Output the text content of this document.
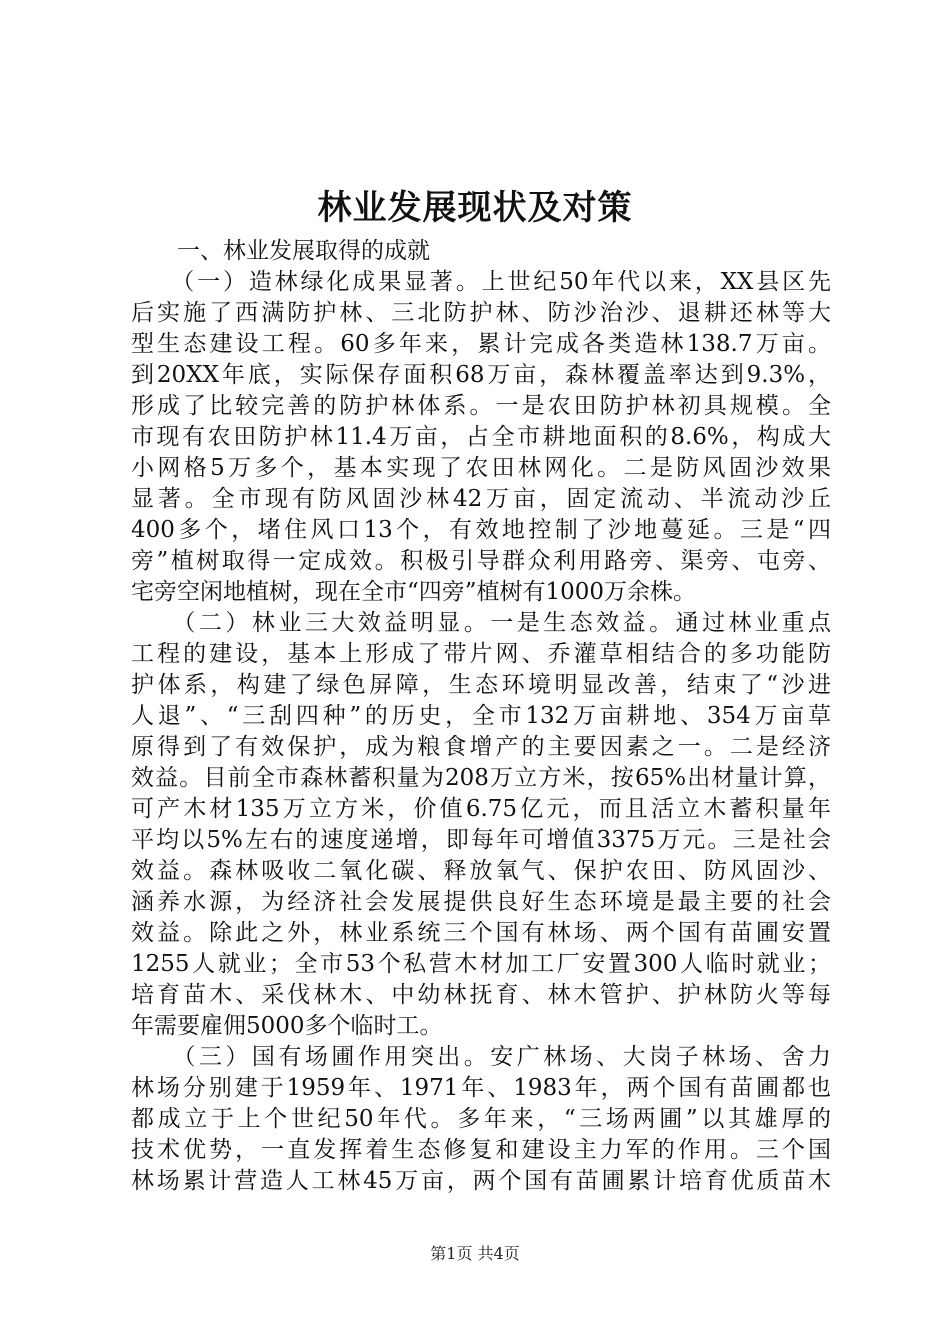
林业发展现状及对策
　　一、林业发展取得的成就
　　（一）造林绿化成果显著。上世纪50年代以来，XX县区先
后实施了西满防护林、三北防护林、防沙治沙、退耕还林等大
型生态建设工程。60多年来，累计完成各类造林138.7万亩。
到20XX年底，实际保存面积68万亩，森林覆盖率达到9.3%，
形成了比较完善的防护林体系。一是农田防护林初具规模。全
市现有农田防护林11.4万亩，占全市耕地面积的8.6%，构成大
小网格5万多个，基本实现了农田林网化。二是防风固沙效果
显著。全市现有防风固沙林42万亩，固定流动、半流动沙丘
400多个，堵住风口13个，有效地控制了沙地蔓延。三是“四
旁”植树取得一定成效。积极引导群众利用路旁、渠旁、屯旁、
宅旁空闲地植树，现在全市“四旁”植树有1000万余株。
　　（二）林业三大效益明显。一是生态效益。通过林业重点
工程的建设，基本上形成了带片网、乔灌草相结合的多功能防
护体系，构建了绿色屏障，生态环境明显改善，结束了“沙进
人退”、“三刮四种”的历史，全市132万亩耕地、354万亩草
原得到了有效保护，成为粮食增产的主要因素之一。二是经济
效益。目前全市森林蓄积量为208万立方米，按65%出材量计算，
可产木材135万立方米，价值6.75亿元，而且活立木蓄积量年
平均以5%左右的速度递增，即每年可增值3375万元。三是社会
效益。森林吸收二氧化碳、释放氧气、保护农田、防风固沙、
涵养水源，为经济社会发展提供良好生态环境是最主要的社会
效益。除此之外，林业系统三个国有林场、两个国有苗圃安置
1255人就业；全市53个私营木材加工厂安置300人临时就业；
培育苗木、采伐林木、中幼林抚育、林木管护、护林防火等每
年需要雇佣5000多个临时工。
　　（三）国有场圃作用突出。安广林场、大岗子林场、舍力
林场分别建于1959年、1971年、1983年，两个国有苗圃都也
都成立于上个世纪50年代。多年来，“三场两圃”以其雄厚的
技术优势，一直发挥着生态修复和建设主力军的作用。三个国
林场累计营造人工林45万亩，两个国有苗圃累计培育优质苗木
第1页 共4页
